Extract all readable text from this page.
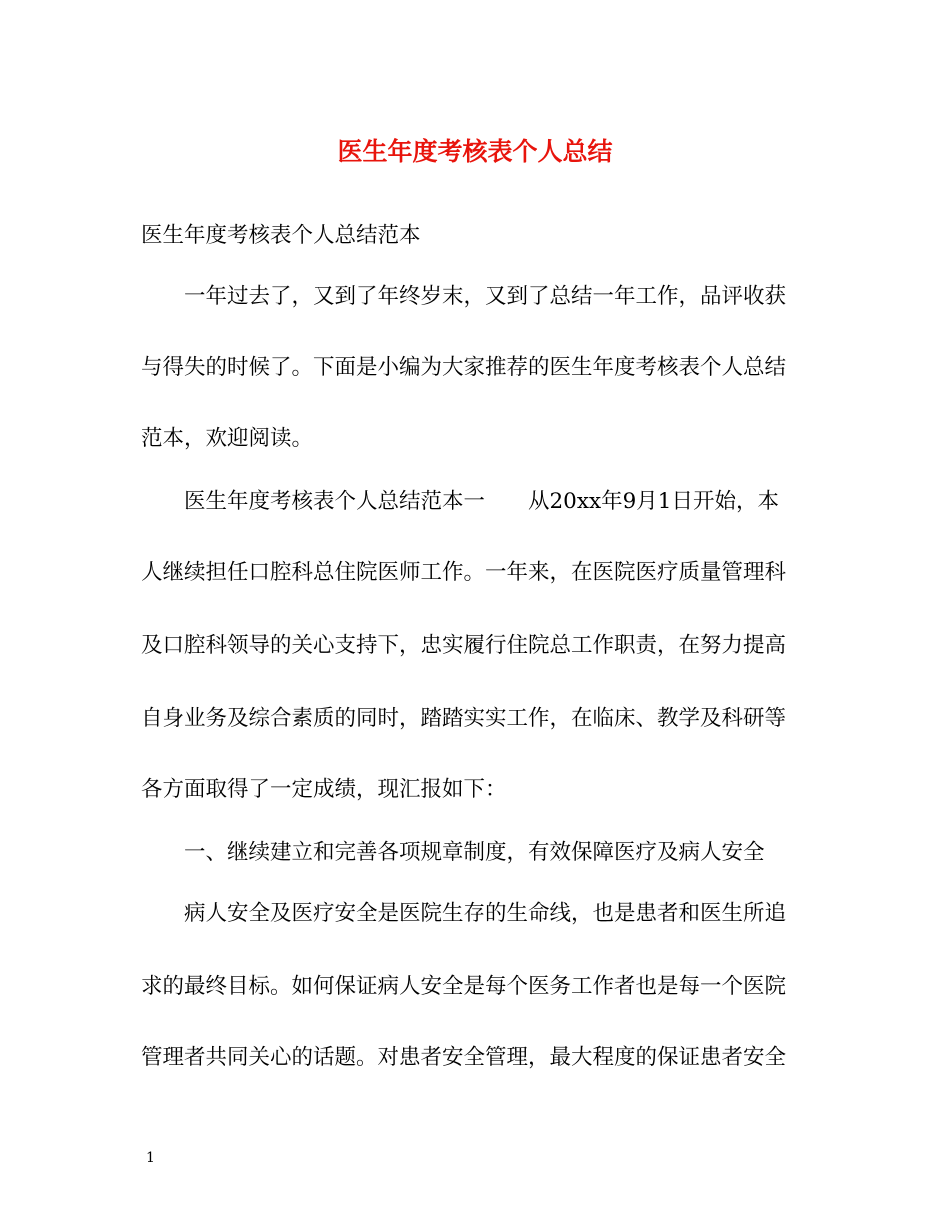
医生年度考核表个人总结

医生年度考核表个人总结范本

一年过去了，又到了年终岁末，又到了总结一年工作，品评收获

与得失的时候了。下面是小编为大家推荐的医生年度考核表个人总结

范本，欢迎阅读。

医生年度考核表个人总结范本一　　从20xx年9月1日开始，本

人继续担任口腔科总住院医师工作。一年来，在医院医疗质量管理科

及口腔科领导的关心支持下，忠实履行住院总工作职责，在努力提高

自身业务及综合素质的同时，踏踏实实工作，在临床、教学及科研等

各方面取得了一定成绩，现汇报如下：

一、继续建立和完善各项规章制度，有效保障医疗及病人安全

病人安全及医疗安全是医院生存的生命线，也是患者和医生所追

求的最终目标。如何保证病人安全是每个医务工作者也是每一个医院

管理者共同关心的话题。对患者安全管理，最大程度的保证患者安全

1
